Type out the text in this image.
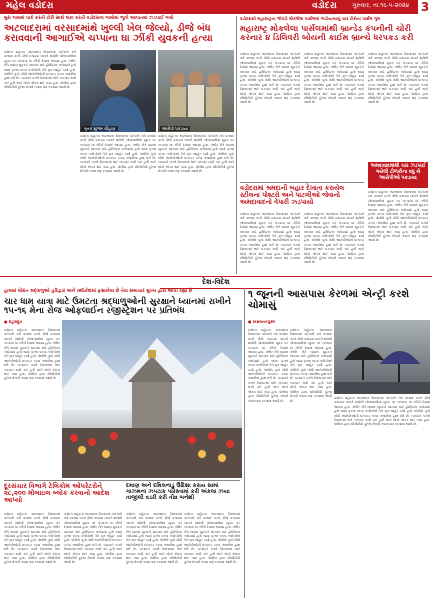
મહેલ વડોદરા	વડોદરા	3
મુરા ગામમાં પાકે કરતી ટોરી સાથે લંકા કરતી વડોદરાના ગામોમાં ભૂનો આપાતમાં ઝડપાઈ ગયો
અટલાદરામાં વરસાદમાંથે ખુલ્લી ખેલ જેલ્યો, ડીજે બંધ કરાવવાની આગાઈએ ચપ્પાના ઘા ઝીંકી યુવકની હત્યા
વડોદરા શહેરના અટલાદરા વિસ્તારમાં ગઈકાલે રાત્રે વરસાદ વચ્ચે ડીજે વગાડવા બાબતે થયેલી બોલાચાલીમાં યુવક પર ચપ્પાના ઘા ઝીંકી દેવામાં આવ્યા હતા. ગંભીર રીતે ઘાયલ યુવકને સારવાર માટે હોસ્પિટલ ખસેડાયો હતો જ્યાં ફરજ પરના તબીબોએ તેને મૃત જાહેર કર્યો હતો. પોલીસે ગુનો નોંધી આરોપીઓની ધરપકડ કરવા તજવીજ હાથ ધરી છે. બનાવને પગલે વિસ્તારમાં ભારે ચકચાર મચી ગઈ હતી અને લોકો એકત્ર થઈ ગયા હતા. પોલીસ દ્વારા સીસીટીવી ફૂટેજ મેળવી તપાસ શરૂ કરવામાં આવી છે.
મૃતક શુભમ ચૌહાણ	આરોપી પકડાયા
વડોદરા શહેરના અટલાદરા વિસ્તારમાં ગઈકાલે રાત્રે વરસાદ વચ્ચે ડીજે વગાડવા બાબતે થયેલી બોલાચાલીમાં યુવક પર ચપ્પાના ઘા ઝીંકી દેવામાં આવ્યા હતા. ગંભીર રીતે ઘાયલ યુવકને સારવાર માટે હોસ્પિટલ ખસેડાયો હતો જ્યાં ફરજ પરના તબીબોએ તેને મૃત જાહેર કર્યો હતો. પોલીસે ગુનો નોંધી આરોપીઓની ધરપકડ કરવા તજવીજ હાથ ધરી છે. બનાવને પગલે વિસ્તારમાં ભારે ચકચાર મચી ગઈ હતી અને લોકો એકત્ર થઈ ગયા હતા. પોલીસ દ્વારા સીસીટીવી ફૂટેજ મેળવી તપાસ શરૂ કરવામાં આવી છે.
વડોદરા શહેરના અટલાદરા વિસ્તારમાં ગઈકાલે રાત્રે વરસાદ વચ્ચે ડીજે વગાડવા બાબતે થયેલી બોલાચાલીમાં યુવક પર ચપ્પાના ઘા ઝીંકી દેવામાં આવ્યા હતા. ગંભીર રીતે ઘાયલ યુવકને સારવાર માટે હોસ્પિટલ ખસેડાયો હતો જ્યાં ફરજ પરના તબીબોએ તેને મૃત જાહેર કર્યો હતો. પોલીસે ગુનો નોંધી આરોપીઓની ધરપકડ કરવા તજવીજ હાથ ધરી છે. બનાવને પગલે વિસ્તારમાં ભારે ચકચાર મચી ગઈ હતી અને લોકો એકત્ર થઈ ગયા હતા. પોલીસ દ્વારા સીસીટીવી ફૂટેજ મેળવી તપાસ શરૂ કરવામાં આવી છે.
વડોદરાથી મહારાષ્ટ્રના ભીવંડી મોકલેલા પાર્સલમાં ગાંડીયાબાબું ચાર ટોરીના પાર્સલ ગુમ
મહારાષ્ટ્ર મોકલેલા પાર્સલમાંથી બ્રાન્ડેડ કંપનીની ચોરી કરનાર ૪ ડિલિવરી બોયની કાઈમ બ્રાન્ચે ધરપકડ કરી
વડોદરા શહેરના અટલાદરા વિસ્તારમાં ગઈકાલે રાત્રે વરસાદ વચ્ચે ડીજે વગાડવા બાબતે થયેલી બોલાચાલીમાં યુવક પર ચપ્પાના ઘા ઝીંકી દેવામાં આવ્યા હતા. ગંભીર રીતે ઘાયલ યુવકને સારવાર માટે હોસ્પિટલ ખસેડાયો હતો જ્યાં ફરજ પરના તબીબોએ તેને મૃત જાહેર કર્યો હતો. પોલીસે ગુનો નોંધી આરોપીઓની ધરપકડ કરવા તજવીજ હાથ ધરી છે. બનાવને પગલે વિસ્તારમાં ભારે ચકચાર મચી ગઈ હતી અને લોકો એકત્ર થઈ ગયા હતા. પોલીસ દ્વારા સીસીટીવી ફૂટેજ મેળવી તપાસ શરૂ કરવામાં આવી છે.
વડોદરા શહેરના અટલાદરા વિસ્તારમાં ગઈકાલે રાત્રે વરસાદ વચ્ચે ડીજે વગાડવા બાબતે થયેલી બોલાચાલીમાં યુવક પર ચપ્પાના ઘા ઝીંકી દેવામાં આવ્યા હતા. ગંભીર રીતે ઘાયલ યુવકને સારવાર માટે હોસ્પિટલ ખસેડાયો હતો જ્યાં ફરજ પરના તબીબોએ તેને મૃત જાહેર કર્યો હતો. પોલીસે ગુનો નોંધી આરોપીઓની ધરપકડ કરવા તજવીજ હાથ ધરી છે. બનાવને પગલે વિસ્તારમાં ભારે ચકચાર મચી ગઈ હતી અને લોકો એકત્ર થઈ ગયા હતા. પોલીસ દ્વારા સીસીટીવી ફૂટેજ મેળવી તપાસ શરૂ કરવામાં આવી છે.
વડોદરા શહેરના અટલાદરા વિસ્તારમાં ગઈકાલે રાત્રે વરસાદ વચ્ચે ડીજે વગાડવા બાબતે થયેલી બોલાચાલીમાં યુવક પર ચપ્પાના ઘા ઝીંકી દેવામાં આવ્યા હતા. ગંભીર રીતે ઘાયલ યુવકને સારવાર માટે હોસ્પિટલ ખસેડાયો હતો જ્યાં ફરજ પરના તબીબોએ તેને મૃત જાહેર કર્યો હતો. પોલીસે ગુનો નોંધી આરોપીઓની ધરપકડ કરવા તજવીજ હાથ ધરી છે. બનાવને પગલે વિસ્તારમાં ભારે ચકચાર મચી ગઈ હતી અને લોકો એકત્ર થઈ ગયા હતા. પોલીસ દ્વારા સીસીટીવી ફૂટેજ મેળવી તપાસ શરૂ કરવામાં આવી છે.
વડોદરામાં શ્રમદાની બહાર દેખાતા કરાયેલ સ્ટીલના પોશ્ટરો અને પાટલીઓ જેવાનો અમદાવાદનો વેપારી ઝડપાયો
વડોદરા શહેરના અટલાદરા વિસ્તારમાં ગઈકાલે રાત્રે વરસાદ વચ્ચે ડીજે વગાડવા બાબતે થયેલી બોલાચાલીમાં યુવક પર ચપ્પાના ઘા ઝીંકી દેવામાં આવ્યા હતા. ગંભીર રીતે ઘાયલ યુવકને સારવાર માટે હોસ્પિટલ ખસેડાયો હતો જ્યાં ફરજ પરના તબીબોએ તેને મૃત જાહેર કર્યો હતો. પોલીસે ગુનો નોંધી આરોપીઓની ધરપકડ કરવા તજવીજ હાથ ધરી છે. બનાવને પગલે વિસ્તારમાં ભારે ચકચાર મચી ગઈ હતી અને લોકો એકત્ર થઈ ગયા હતા. પોલીસ દ્વારા સીસીટીવી ફૂટેજ મેળવી તપાસ શરૂ કરવામાં આવી છે.
વડોદરા શહેરના અટલાદરા વિસ્તારમાં ગઈકાલે રાત્રે વરસાદ વચ્ચે ડીજે વગાડવા બાબતે થયેલી બોલાચાલીમાં યુવક પર ચપ્પાના ઘા ઝીંકી દેવામાં આવ્યા હતા. ગંભીર રીતે ઘાયલ યુવકને સારવાર માટે હોસ્પિટલ ખસેડાયો હતો જ્યાં ફરજ પરના તબીબોએ તેને મૃત જાહેર કર્યો હતો. પોલીસે ગુનો નોંધી આરોપીઓની ધરપકડ કરવા તજવીજ હાથ ધરી છે. બનાવને પગલે વિસ્તારમાં ભારે ચકચાર મચી ગઈ હતી અને લોકો એકત્ર થઈ ગયા હતા. પોલીસ દ્વારા સીસીટીવી ફૂટેજ મેળવી તપાસ શરૂ કરવામાં આવી છે.
અમદાવાદમાંથી ચાર ઝડપાઈ ગયેલી ટોળકીના વધુ બે આરોપીઓ પકડાયા
વડોદરા શહેરના અટલાદરા વિસ્તારમાં ગઈકાલે રાત્રે વરસાદ વચ્ચે ડીજે વગાડવા બાબતે થયેલી બોલાચાલીમાં યુવક પર ચપ્પાના ઘા ઝીંકી દેવામાં આવ્યા હતા. ગંભીર રીતે ઘાયલ યુવકને સારવાર માટે હોસ્પિટલ ખસેડાયો હતો જ્યાં ફરજ પરના તબીબોએ તેને મૃત જાહેર કર્યો હતો. પોલીસે ગુનો નોંધી આરોપીઓની ધરપકડ કરવા તજવીજ હાથ ધરી છે. બનાવને પગલે વિસ્તારમાં ભારે ચકચાર મચી ગઈ હતી અને લોકો એકત્ર થઈ ગયા હતા. પોલીસ દ્વારા સીસીટીવી ફૂટેજ મેળવી તપાસ શરૂ કરવામાં આવી છે.
દેશ-વિદેશ
હાલમાં ઘોરાંત શ્રદ્ધાળુઓ હરિદ્વાર અને ઋષિકેશમાં ફસાયેલા છે તેવા સમાચાર મુખ્ય દ્વારા આપી રહ્યા છે
ચાર ધામ યાત્રા માટે ઉમટતા શ્રદ્ધાળુઓની સુરક્ષાને ધ્યાનમાં રાખીને ૧૫-૧૬ મેના રોજ ઓફલાઈન રજીસ્ટ્રેશન પર પ્રતિબંધ
૧ જૂનની આસપાસ કેરળમાં એન્ટ્રી કરશે ચોમાસું
● દેહરાદૂન
વડોદરા શહેરના અટલાદરા વિસ્તારમાં ગઈકાલે રાત્રે વરસાદ વચ્ચે ડીજે વગાડવા બાબતે થયેલી બોલાચાલીમાં યુવક પર ચપ્પાના ઘા ઝીંકી દેવામાં આવ્યા હતા. ગંભીર રીતે ઘાયલ યુવકને સારવાર માટે હોસ્પિટલ ખસેડાયો હતો જ્યાં ફરજ પરના તબીબોએ તેને મૃત જાહેર કર્યો હતો. પોલીસે ગુનો નોંધી આરોપીઓની ધરપકડ કરવા તજવીજ હાથ ધરી છે. બનાવને પગલે વિસ્તારમાં ભારે ચકચાર મચી ગઈ હતી અને લોકો એકત્ર થઈ ગયા હતા. પોલીસ દ્વારા સીસીટીવી ફૂટેજ મેળવી તપાસ શરૂ કરવામાં આવી છે.
● તિરુવનંતપુરમ
વડોદરા શહેરના અટલાદરા વિસ્તારમાં ગઈકાલે રાત્રે વરસાદ વચ્ચે ડીજે વગાડવા બાબતે થયેલી બોલાચાલીમાં યુવક પર ચપ્પાના ઘા ઝીંકી દેવામાં આવ્યા હતા. ગંભીર રીતે ઘાયલ યુવકને સારવાર માટે હોસ્પિટલ ખસેડાયો હતો જ્યાં ફરજ પરના તબીબોએ તેને મૃત જાહેર કર્યો હતો. પોલીસે ગુનો નોંધી આરોપીઓની ધરપકડ કરવા તજવીજ હાથ ધરી છે. બનાવને પગલે વિસ્તારમાં ભારે ચકચાર મચી ગઈ હતી અને લોકો એકત્ર થઈ ગયા હતા. પોલીસ દ્વારા સીસીટીવી ફૂટેજ મેળવી તપાસ શરૂ કરવામાં આવી છે.
વડોદરા શહેરના અટલાદરા વિસ્તારમાં ગઈકાલે રાત્રે વરસાદ વચ્ચે ડીજે વગાડવા બાબતે થયેલી બોલાચાલીમાં યુવક પર ચપ્પાના ઘા ઝીંકી દેવામાં આવ્યા હતા. ગંભીર રીતે ઘાયલ યુવકને સારવાર માટે હોસ્પિટલ ખસેડાયો હતો જ્યાં ફરજ પરના તબીબોએ તેને મૃત જાહેર કર્યો હતો. પોલીસે ગુનો નોંધી આરોપીઓની ધરપકડ કરવા તજવીજ હાથ ધરી છે. બનાવને પગલે વિસ્તારમાં ભારે ચકચાર મચી ગઈ હતી અને લોકો એકત્ર થઈ ગયા હતા. પોલીસ દ્વારા સીસીટીવી ફૂટેજ મેળવી તપાસ શરૂ કરવામાં આવી છે.
વડોદરા શહેરના અટલાદરા વિસ્તારમાં ગઈકાલે રાત્રે વરસાદ વચ્ચે ડીજે વગાડવા બાબતે થયેલી બોલાચાલીમાં યુવક પર ચપ્પાના ઘા ઝીંકી દેવામાં આવ્યા હતા. ગંભીર રીતે ઘાયલ યુવકને સારવાર માટે હોસ્પિટલ ખસેડાયો હતો જ્યાં ફરજ પરના તબીબોએ તેને મૃત જાહેર કર્યો હતો. પોલીસે ગુનો નોંધી આરોપીઓની ધરપકડ કરવા તજવીજ હાથ ધરી છે. બનાવને પગલે વિસ્તારમાં ભારે ચકચાર મચી ગઈ હતી અને લોકો એકત્ર થઈ ગયા હતા. પોલીસ દ્વારા સીસીટીવી ફૂટેજ મેળવી તપાસ શરૂ કરવામાં આવી છે.
દૂરસંચાર વિભાગે ટેલિકોમ ઓપરેટરોને ૨૮,૨૦૦ મોબાઇલ બ્લોક કરવાનો આદેશ આપ્યો
વડોદરા શહેરના અટલાદરા વિસ્તારમાં ગઈકાલે રાત્રે વરસાદ વચ્ચે ડીજે વગાડવા બાબતે થયેલી બોલાચાલીમાં યુવક પર ચપ્પાના ઘા ઝીંકી દેવામાં આવ્યા હતા. ગંભીર રીતે ઘાયલ યુવકને સારવાર માટે હોસ્પિટલ ખસેડાયો હતો જ્યાં ફરજ પરના તબીબોએ તેને મૃત જાહેર કર્યો હતો. પોલીસે ગુનો નોંધી આરોપીઓની ધરપકડ કરવા તજવીજ હાથ ધરી છે. બનાવને પગલે વિસ્તારમાં ભારે ચકચાર મચી ગઈ હતી અને લોકો એકત્ર થઈ ગયા હતા. પોલીસ દ્વારા સીસીટીવી ફૂટેજ મેળવી તપાસ શરૂ કરવામાં આવી છે.
વડોદરા શહેરના અટલાદરા વિસ્તારમાં ગઈકાલે રાત્રે વરસાદ વચ્ચે ડીજે વગાડવા બાબતે થયેલી બોલાચાલીમાં યુવક પર ચપ્પાના ઘા ઝીંકી દેવામાં આવ્યા હતા. ગંભીર રીતે ઘાયલ યુવકને સારવાર માટે હોસ્પિટલ ખસેડાયો હતો જ્યાં ફરજ પરના તબીબોએ તેને મૃત જાહેર કર્યો હતો. પોલીસે ગુનો નોંધી આરોપીઓની ધરપકડ કરવા તજવીજ હાથ ધરી છે. બનાવને પગલે વિસ્તારમાં ભારે ચકચાર મચી ગઈ હતી અને લોકો એકત્ર થઈ ગયા હતા. પોલીસ દ્વારા સીસીટીવી ફૂટેજ મેળવી તપાસ શરૂ કરવામાં આવી છે.
દમાણ અને દમિલનાડુ ઉદિશા કરાય સામાં ગાઝમના ઝપટાક પરિસ્તામાં કરી અંકલા ઝયા તાજીલી વડરી કરી તીવ્ર બનેશી
વડોદરા શહેરના અટલાદરા વિસ્તારમાં ગઈકાલે રાત્રે વરસાદ વચ્ચે ડીજે વગાડવા બાબતે થયેલી બોલાચાલીમાં યુવક પર ચપ્પાના ઘા ઝીંકી દેવામાં આવ્યા હતા. ગંભીર રીતે ઘાયલ યુવકને સારવાર માટે હોસ્પિટલ ખસેડાયો હતો જ્યાં ફરજ પરના તબીબોએ તેને મૃત જાહેર કર્યો હતો. પોલીસે ગુનો નોંધી આરોપીઓની ધરપકડ કરવા તજવીજ હાથ ધરી છે. બનાવને પગલે વિસ્તારમાં ભારે ચકચાર મચી ગઈ હતી અને લોકો એકત્ર થઈ ગયા હતા. પોલીસ દ્વારા સીસીટીવી ફૂટેજ મેળવી તપાસ શરૂ કરવામાં આવી છે.
વડોદરા શહેરના અટલાદરા વિસ્તારમાં ગઈકાલે રાત્રે વરસાદ વચ્ચે ડીજે વગાડવા બાબતે થયેલી બોલાચાલીમાં યુવક પર ચપ્પાના ઘા ઝીંકી દેવામાં આવ્યા હતા. ગંભીર રીતે ઘાયલ યુવકને સારવાર માટે હોસ્પિટલ ખસેડાયો હતો જ્યાં ફરજ પરના તબીબોએ તેને મૃત જાહેર કર્યો હતો. પોલીસે ગુનો નોંધી આરોપીઓની ધરપકડ કરવા તજવીજ હાથ ધરી છે. બનાવને પગલે વિસ્તારમાં ભારે ચકચાર મચી ગઈ હતી અને લોકો એકત્ર થઈ ગયા હતા. પોલીસ દ્વારા સીસીટીવી ફૂટેજ મેળવી તપાસ શરૂ કરવામાં આવી છે.
